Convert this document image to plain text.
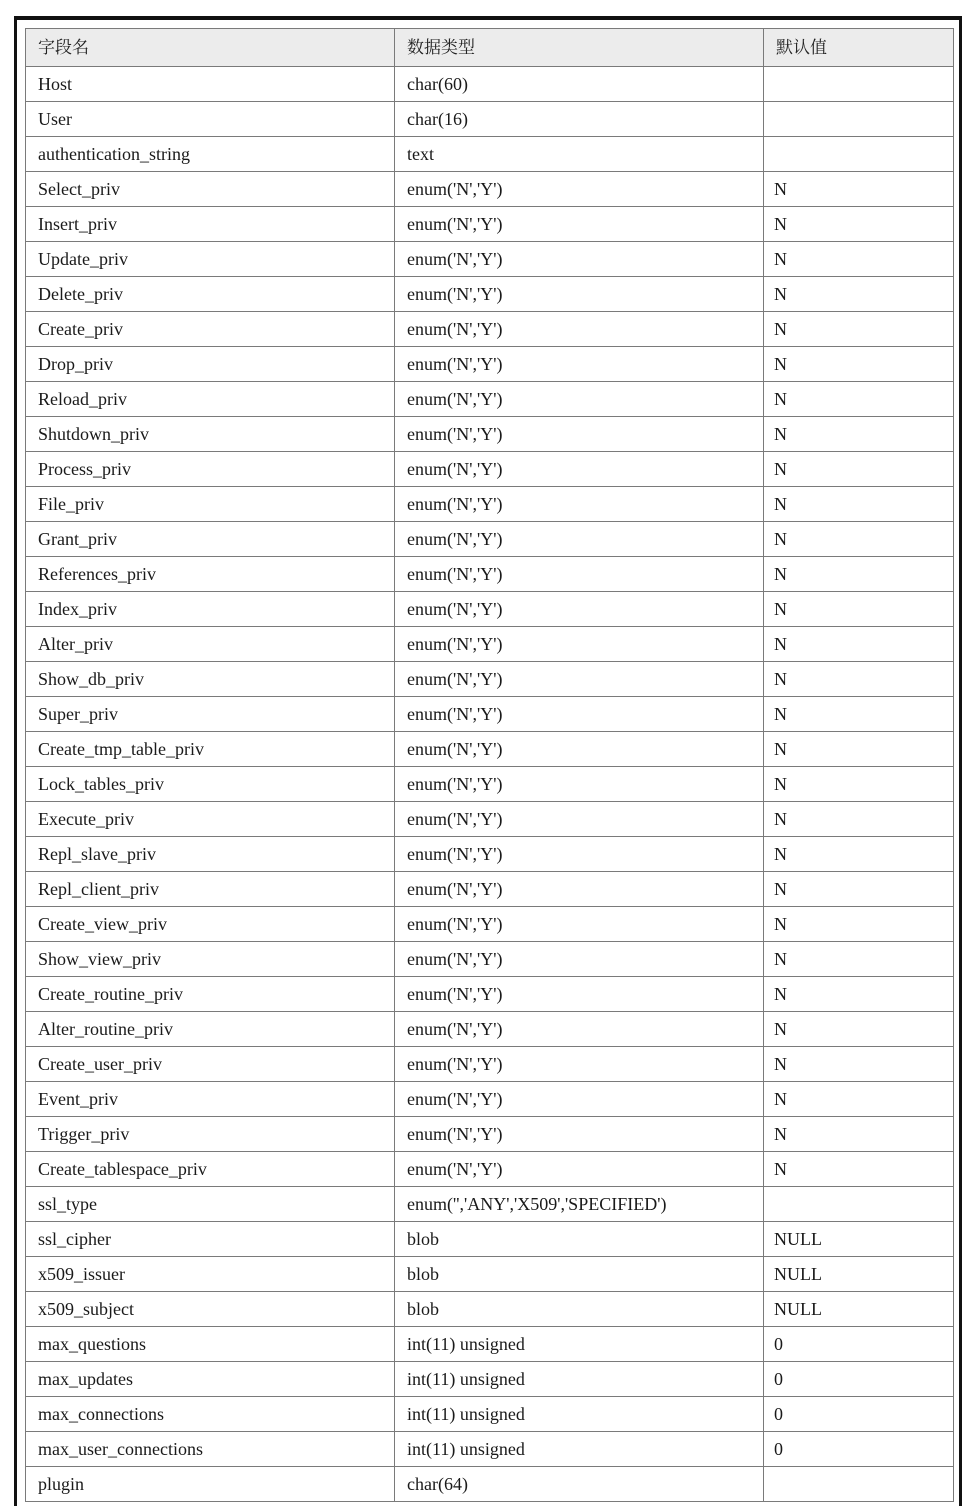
字段名	数据类型	默认值
Host	char(60)	
User	char(16)	
authentication_string	text	
Select_priv	enum('N','Y')	N
Insert_priv	enum('N','Y')	N
Update_priv	enum('N','Y')	N
Delete_priv	enum('N','Y')	N
Create_priv	enum('N','Y')	N
Drop_priv	enum('N','Y')	N
Reload_priv	enum('N','Y')	N
Shutdown_priv	enum('N','Y')	N
Process_priv	enum('N','Y')	N
File_priv	enum('N','Y')	N
Grant_priv	enum('N','Y')	N
References_priv	enum('N','Y')	N
Index_priv	enum('N','Y')	N
Alter_priv	enum('N','Y')	N
Show_db_priv	enum('N','Y')	N
Super_priv	enum('N','Y')	N
Create_tmp_table_priv	enum('N','Y')	N
Lock_tables_priv	enum('N','Y')	N
Execute_priv	enum('N','Y')	N
Repl_slave_priv	enum('N','Y')	N
Repl_client_priv	enum('N','Y')	N
Create_view_priv	enum('N','Y')	N
Show_view_priv	enum('N','Y')	N
Create_routine_priv	enum('N','Y')	N
Alter_routine_priv	enum('N','Y')	N
Create_user_priv	enum('N','Y')	N
Event_priv	enum('N','Y')	N
Trigger_priv	enum('N','Y')	N
Create_tablespace_priv	enum('N','Y')	N
ssl_type	enum('','ANY','X509','SPECIFIED')	
ssl_cipher	blob	NULL
x509_issuer	blob	NULL
x509_subject	blob	NULL
max_questions	int(11) unsigned	0
max_updates	int(11) unsigned	0
max_connections	int(11) unsigned	0
max_user_connections	int(11) unsigned	0
plugin	char(64)	
